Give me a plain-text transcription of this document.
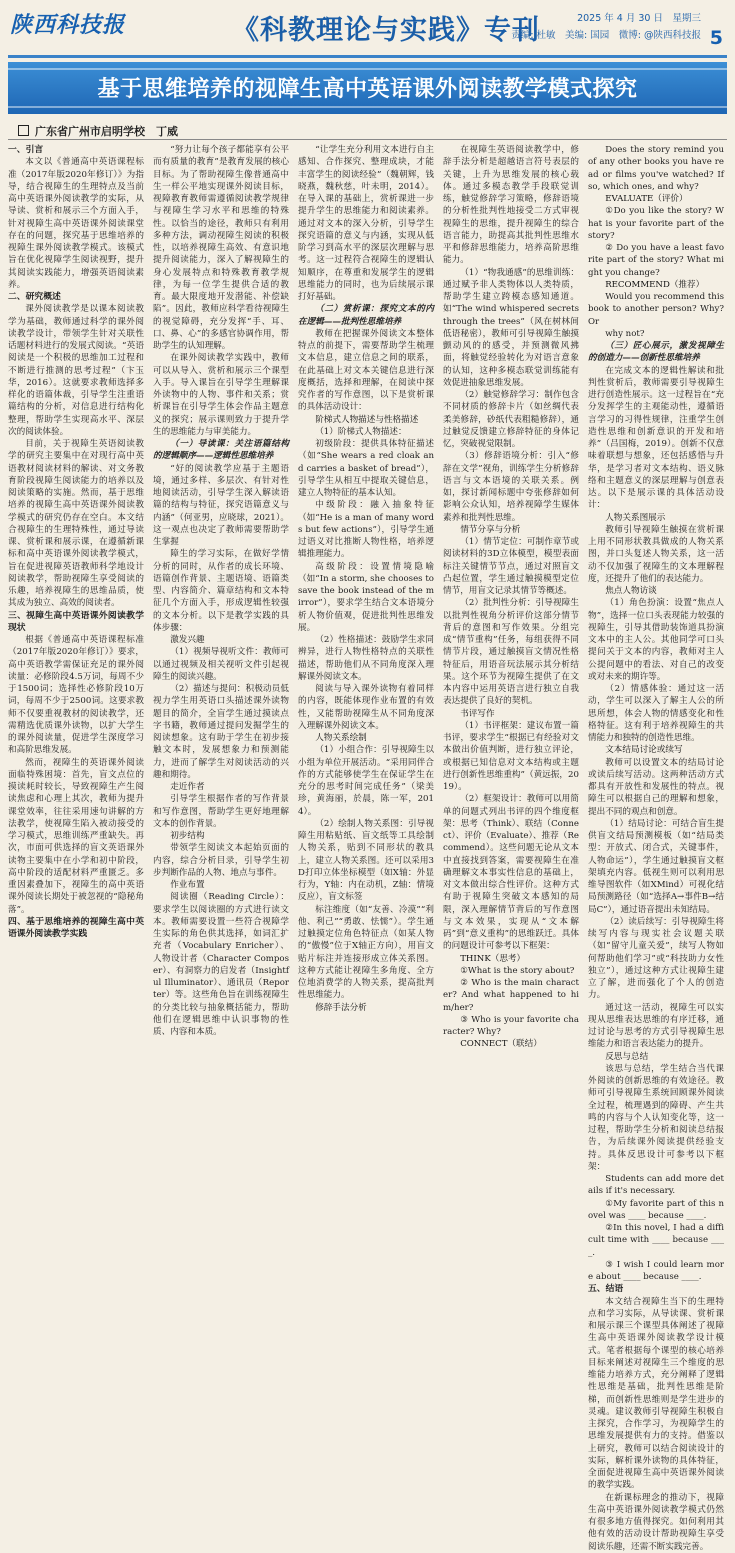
陕西科技报	《科教理论与实践》专刊	2025 年 4 月 30 日　星期三
责编: 杜敏　美编: 国园　微博: @陕西科技报 5
基于思维培养的视障生高中英语课外阅读教学模式探究
广东省广州市启明学校　丁威
一、引言

本文以《普通高中英语课程标准（2017年版2020年修订）》为指导，结合视障生的生理特点及当前高中英语课外阅读教学的实际，从导读、赏析和展示三个方面入手，针对视障生高中英语课外阅读课堂存在的问题，探究基于思维培养的视障生课外阅读教学模式。该模式旨在优化视障学生阅读视野，提升其阅读实践能力，增强英语阅读素养。

二、研究概述

课外阅读教学是以课本阅读教学为基础，教师通过科学的课外阅读教学设计，带领学生针对关联性话题材料进行的发展式阅读。“英语阅读是一个积极的思维加工过程和不断进行推测的思考过程”（卞玉华，2016）。这就要求教师选择多样化的语篇体裁，引导学生注重语篇结构的分析，对信息进行结构化整理，帮助学生实现高水平、深层次的阅读体验。

目前，关于视障生英语阅读教学的研究主要集中在对现行高中英语教材阅读材料的解读、对文务教育阶段视障生阅读能力的培养以及阅读策略的实施。然而，基于思维培养的视障生高中英语课外阅读教学模式的研究仍存在空白。本文结合视障生的生理特殊性，通过导读课、赏析课和展示课，在遵循新课标和高中英语课外阅读教学模式，旨在促进视障英语教师科学地设计阅读教学，帮助视障生享受阅读的乐趣，培养视障生的思维品质，使其成为独立、高效的阅读者。

三、视障生高中英语课外阅读教学现状

根据《普通高中英语课程标准（2017年版2020年修订）》要求，高中英语教学需保证充足的课外阅读量：必修阶段4.5万词，每周不少于1500词；选择性必修阶段10万词，每周不少于2500词。这要求教师不仅要重视教材的阅读教学，还需精选优质课外读物，以扩大学生的课外阅读量，促进学生深度学习和高阶思维发展。

然而，视障生的英语课外阅读面临特殊困境：首先，盲文点位的摸读耗时较长，导致视障生产生阅读焦虑和心理上其次，教师为提升课堂效率，往往采用速句讲解的方法教学，使视障生陷入被动接受的学习模式，思维训练严重缺失。再次，市面可供选择的盲文英语课外读物主要集中在小学和初中阶段，高中阶段的适配材料严重匮乏。多重因素叠加下，视障生的高中英语课外阅读长期处于被忽视的“隐秘角落”。

四、基于思维培养的视障生高中英语课外阅读教学实践

“努力让每个孩子都能享有公平而有质量的教育”是教育发展的核心目标。为了帮助视障生像普通高中生一样公平地实现课外阅读目标，视障教育教师需遵循阅读教学规律与视障生学习水平和思维的特殊性。以恰当的途径，教师只有利用多种方法，调动视障生阅读的积极性，以培养视障生高效、有意识地提升阅读能力，深入了解视障生的身心发展特点和特殊教育教学规律，为每一位学生提供合适的教育。最大限度地开发潜能、补偿缺陷”。因此，教师应科学看待视障生的视觉障碍，充分发挥“手、耳、口、鼻、心”的多感官协调作用，帮助学生的认知理解。

在课外阅读教学实践中，教师可以从导入、赏析和展示三个课型入手。导入课旨在引导学生理解课外读物中的人物、事件和关系；赏析课旨在引导学生体会作品主题意义的探究；展示课则致力于提升学生的思维能力与审美能力。

（一）导读课：关注语篇结构的逻辑顺序——逻辑性思维培养

“好的阅读教学应基于主题语境，通过多样、多层次、有针对性地阅读活动，引导学生深入解读语篇的结构与特征，探究语篇意义与内涵”（何亚男，应晓球，2021）。这一观点也决定了教师需要帮助学生掌握

障生的学习实际，在做好学情分析的同时，从作者的成长环境、语篇创作背景、主题语境、语篇类型、内容简介、篇章结构和文本特征几个方面入手，形成逻辑性较强的文本分析。以下是教学实践的具体步骤：

激发兴趣

（1）视频导视听文件：教师可以通过视频及相关视听文件引起视障生的阅读兴趣。

（2）描述与提问：积极动员低视力学生用英语口头描述课外读物题目的简介，全盲学生通过摸读点字书籍，教师通过提问发掘学生的阅读想象。这有助于学生在初步接触文本时，发展想象力和预测能力，进而了解学生对阅读活动的兴趣和期待。

走近作者

引导学生根据作者的写作背景和写作意图，帮助学生更好地理解文本的创作背景。

初步结构

带领学生阅读文本起始页面的内容，综合分析目录，引导学生初步判断作品的人物、地点与事件。

作业布置

阅读圈（Reading Circle）：要求学生以阅读圈的方式进行读文本。教师需要设置一些符合视障学生实际的角色供其选择，如词汇扩充者（Vocabulary Enricher）、人物设计者（Character Composer）、有洞察力的启发者（Insightful Illuminator）、通讯员（Reporter）等。这些角色旨在训练视障生的分类比较与抽象概括能力，帮助他们在逻辑思维中认识事物的性质、内容和本质。

“让学生充分利用文本进行自主感知、合作探究、整理成块，才能丰富学生的阅读经验”（魏朝辉，钱晓燕，魏秋慈，叶未明，2014）。在导入课的基础上，赏析课进一步提升学生的思维能力和阅读素养。通过对文本的深入分析，引导学生探究语篇的意义与内涵，实现从低阶学习到高水平的深层次理解与思考。这一过程符合视障生的逻辑认知顺序，在尊重和发展学生的逻辑思维能力的同时，也为后续展示课打好基础。

（二）赏析课：探究文本的内在逻辑——批判性思维培养

教师在把握课外阅读文本整体特点的前提下，需要帮助学生梳理文本信息，建立信息之间的联系，在此基础上对文本关键信息进行深度概括，选择和理解，在阅读中探究作者的写作意图，以下是赏析课的具体活动设计：

阶梯式人物描述与性格描述

（1）阶梯式人物描述：

初级阶段：提供具体特征描述（如“She wears a red cloak and carries a basket of bread”），引导学生从相互中提取关键信息，建立人物特征的基本认知。

中级阶段：融入抽象特征（如“He is a man of many words but few actions”），引导学生通过语义对比推断人物性格，培养逻辑推理能力。

高级阶段：设置情境隐喻（如“In a storm, she chooses to save the book instead of the mirror”），要求学生结合文本语境分析人物价值观，促进批判性思维发展。

（2）性格描述：鼓励学生求同辨异，进行人物性格特点的关联性描述，帮助他们从不同角度深入理解课外阅读文本。

阅读与导入课外读物有着同样的内容，既能体现作业布置的有效性，又能帮助视障生从不同角度深入理解课外阅读文本。

人物关系绘制

（1）小组合作：引导视障生以小组为单位开展活动。“采用同伴合作的方式能够使学生在保证学生在充分的思考时间完成任务”（梁美珍，黄海丽，於晨，陈一军，2014）。

（2）绘制人物关系图：引导视障生用粘贴纸、盲文纸等工具绘制人物关系，贴到不同形状的教具上，建立人物关系图。还可以采用3D打印立体坐标模型（如X轴：外显行为，Y轴：内在动机，Z轴：情境反应），盲文标签

标注维度（如“友善、冷漠”“利他、利己”“勇敢、怯懦”）。学生通过触摸定位角色特征点（如某人物的“傲慢”位于X轴正方向），用盲文贴片标注并连接形成立体关系图。这种方式能让视障生多角度、全方位地消费学的人物关系，提高批判性思维能力。

修辞手法分析

在视障生英语阅读教学中，修辞手法分析是超越语言符号表层的关键，上升为思维发展的核心载体。通过多模态教学手段联觉训练，触觉修辞学习策略，修辞语境的分析性批判性地接受二方式审视视障生的思维，提升视障生的综合语言能力，助提高其批判性思维水平和修辞思维能力，培养高阶思维能力。

（1）“物我通感”的思维训练：通过赋予非人类物体以人类特质，帮助学生建立跨模态感知通道。如“The wind whispered secrets through the trees”（风在树林间低语秘密），教师可引导视障生触摸颤动风的的感受，并预测微风拂面，将触觉经验转化为对语言意象的认知，这种多模态联觉训练能有效促进抽象思维发展。

（2）触觉修辞学习：制作包含不同材质的修辞卡片（如丝绸代表柔美修辞，砂纸代表粗糙修辞），通过触觉反馈建立修辞特征的身体记忆，突破视觉限制。

（3）修辞语境分析：引入“修辞在文学”视角，训练学生分析修辞语言与文本语境的关联关系。例如，探讨新闻标题中夸张修辞如何影响公众认知，培养视障学生媒体素养和批判性思维。

情节分享与分析

（1）情节定位：可制作章节或阅读材料的3D立体模型，模型表面标注关键情节节点，通过对照盲文凸起位置，学生通过触摸模型定位情节，用盲文记录其情节等概述。

（2）批判性分析：引导视障生以批判性视角分析评价这部分情节背后的意图和写作效果。分组完成“情节重构”任务，每组获得不同情节片段，通过触摸盲文情况性格特征后，用语音玩法展示其分析结果。这个环节为视障生提供了在文本内容中运用英语言进行独立自我表达提供了良好的契机。

书评写作

（1）书评框架：建议布置一篇书评，要求学生“根据已有经验对文本做出价值判断，进行独立评论，或根据已知信息对文本结构或主题进行创新性思维重构”（黄远振，2019）。

（2）框架设计：教师可以用简单的问题式列出书评的四个维度框架：思考（Think）、联结（Connect）、评价（Evaluate）、推荐（Recommend）。这些问题无论从文本中直接找到答案，需要视障生在准确理解文本事实性信息的基础上，对文本做出综合性评价。这种方式有助于视障生突破文本感知的局限，深入理解情节背后的写作意图与文本效果，实现从“文本解码”到“意义重构”的思维跃迁。具体的问题设计可参考以下框架：

THINK（思考）

①What is the story about?

② Who is the main character? And what happened to him/her?

③ Who is your favorite character? Why?

CONNECT（联结）

Does the story remind you of any other books you have read or films you've watched? If so, which ones, and why?

EVALUATE（评价）

①Do you like the story? What is your favorite part of the story?

② Do you have a least favorite part of the story? What might you change?

RECOMMEND（推荐）

Would you recommend this book to another person? Why? Or

why not?

（三）匠心展示，激发视障生的创造力——创新性思维培养

在完成文本的逻辑性解读和批判性赏析后，教师需要引导视障生进行创造性展示。这一过程旨在“充分发挥学生的主观能动性，遵循语言学习的习得性规律，注重学生创造性思维和创新意识的开发和培养”（吕国梅，2019）。创新不仅意味着联想与想象，还包括感悟与升华，是学习者对文本结构、语义脉络和主题意义的深层理解与创意表达。以下是展示课的具体活动设计：

人物关系图展示

教师引导视障生触摸在赏析课上用不同形状教具做成的人物关系图，并口头复述人物关系，这一活动不仅加强了视障生的文本理解程度，还提升了他们的表达能力。

焦点人物访谈

（1）角色扮演：设置“焦点人物”，选择一位口头表现能力较强的视障生，引导其借助装饰道具扮演文本中的主人公。其他同学可口头提问关于文本的内容，教师对主人公提问题中的看法、对自己的改变或对未来的期许等。

（2）情感体验：通过这一活动，学生可以深入了解主人公的所思所想，体会人物的情感变化和性格特征。这有利于培养视障生的共情能力和独特的创造性思维。

文本结局讨论或续写

教师可以设置文本的结局讨论或读后续写活动。这两种活动方式都具有开放性和发展性的特点。视障生可以根据自己的理解和想象，提出不同的观点和创意。

（1）结局讨论：可结合盲生提供盲文结局预测模板（如“结局类型：开放式、闭合式，关键事件，人物命运”），学生通过触摸盲文框架填充内容。低视生则可以利用思维导图软件（如XMind）可视化结局预测路径（如“选择A→事件B→结局C”），通过语音提出未知结局。

（2）读后续写：引导视障生将续写内容与现实社会议题关联（如“留守儿童关爱”，续写人物如何帮助他们学习”或“科技助力女性独立”），通过这种方式让视障生建立了解，进而强化了个人的创造力。

通过这一活动，视障生可以实现从思维表达思维的有序迁移，通过讨论与思考的方式引导视障生思维能力和语言表达能力的提升。

反思与总结

该思与总结，学生结合当代课外阅读的创新思维的有效途径。教师可引导视障生系统回顾课外阅读全过程，梳理遇到的障碍、产生共鸣的内容与个人认知变化等，这一过程，帮助学生分析和阅读总结报告，为后续课外阅读提供经验支持。具体反思设计可参考以下框架：

Students can add more details if it's necessary.

①My favorite part of this novel was ____ because ____.

②In this novel, I had a difficult time with ____ because ____.

③ I wish I could learn more about ____ because ____.

五、结语

本文结合视障生当下的生理特点和学习实际，从导读课、赏析课和展示课三个课型具体阐述了视障生高中英语课外阅读教学设计模式。笔者根据每个课型的核心培养目标来阐述对视障生三个维度的思维能力培养方式，充分阐释了逻辑性思维是基础，批判性思维是阶梯，而创新性思维则是学生进步的灵魂。建议教师引导视障生积极自主探究，合作学习，为视障学生的思维发展提供有力的支持。借鉴以上研究，教师可以结合阅读设计的实际，解析课外读物的具体特征，全面促进视障生高中英语课外阅读的教学实践。

在新课标理念的推动下，视障生高中英语课外阅读教学模式仍然有很多地方值得探究。如何利用其他有效的活动设计帮助视障生享受阅读乐趣，还需不断实践完善。
